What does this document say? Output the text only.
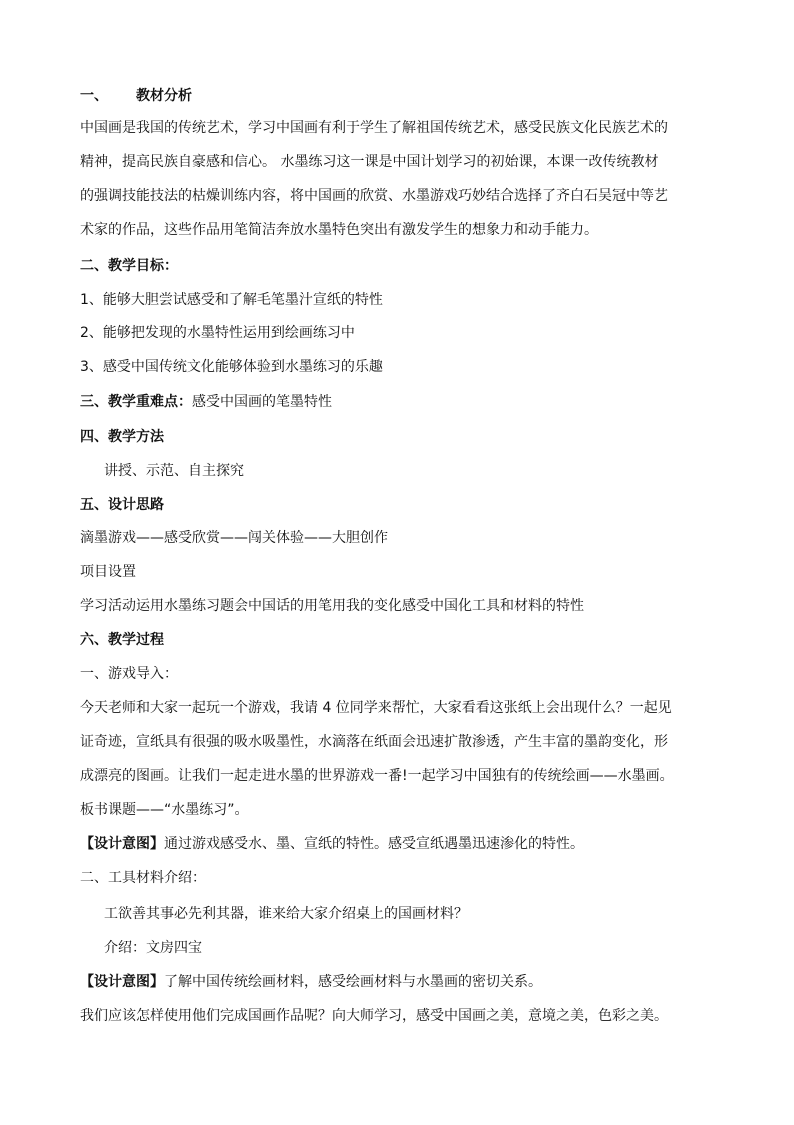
一、 教材分析
中国画是我国的传统艺术，学习中国画有利于学生了解祖国传统艺术，感受民族文化民族艺术的
精神，提高民族自豪感和信心。 水墨练习这一课是中国计划学习的初始课，本课一改传统教材
的强调技能技法的枯燥训练内容，将中国画的欣赏、水墨游戏巧妙结合选择了齐白石吴冠中等艺
术家的作品，这些作品用笔简洁奔放水墨特色突出有激发学生的想象力和动手能力。
二、教学目标：
1、能够大胆尝试感受和了解毛笔墨汁宣纸的特性
2、能够把发现的水墨特性运用到绘画练习中
3、感受中国传统文化能够体验到水墨练习的乐趣
三、教学重难点：感受中国画的笔墨特性
四、教学方法
讲授、示范、自主探究
五、设计思路
滴墨游戏——感受欣赏——闯关体验——大胆创作
项目设置
学习活动运用水墨练习题会中国话的用笔用我的变化感受中国化工具和材料的特性
六、教学过程
一、游戏导入：
今天老师和大家一起玩一个游戏，我请 4 位同学来帮忙，大家看看这张纸上会出现什么？一起见
证奇迹，宣纸具有很强的吸水吸墨性，水滴落在纸面会迅速扩散渗透，产生丰富的墨韵变化，形
成漂亮的图画。让我们一起走进水墨的世界游戏一番!一起学习中国独有的传统绘画——水墨画。
板书课题——“水墨练习”。
【设计意图】通过游戏感受水、墨、宣纸的特性。感受宣纸遇墨迅速渗化的特性。
二、工具材料介绍：
工欲善其事必先利其器，谁来给大家介绍桌上的国画材料？
介绍：文房四宝
【设计意图】了解中国传统绘画材料，感受绘画材料与水墨画的密切关系。
我们应该怎样使用他们完成国画作品呢？向大师学习，感受中国画之美，意境之美，色彩之美。
